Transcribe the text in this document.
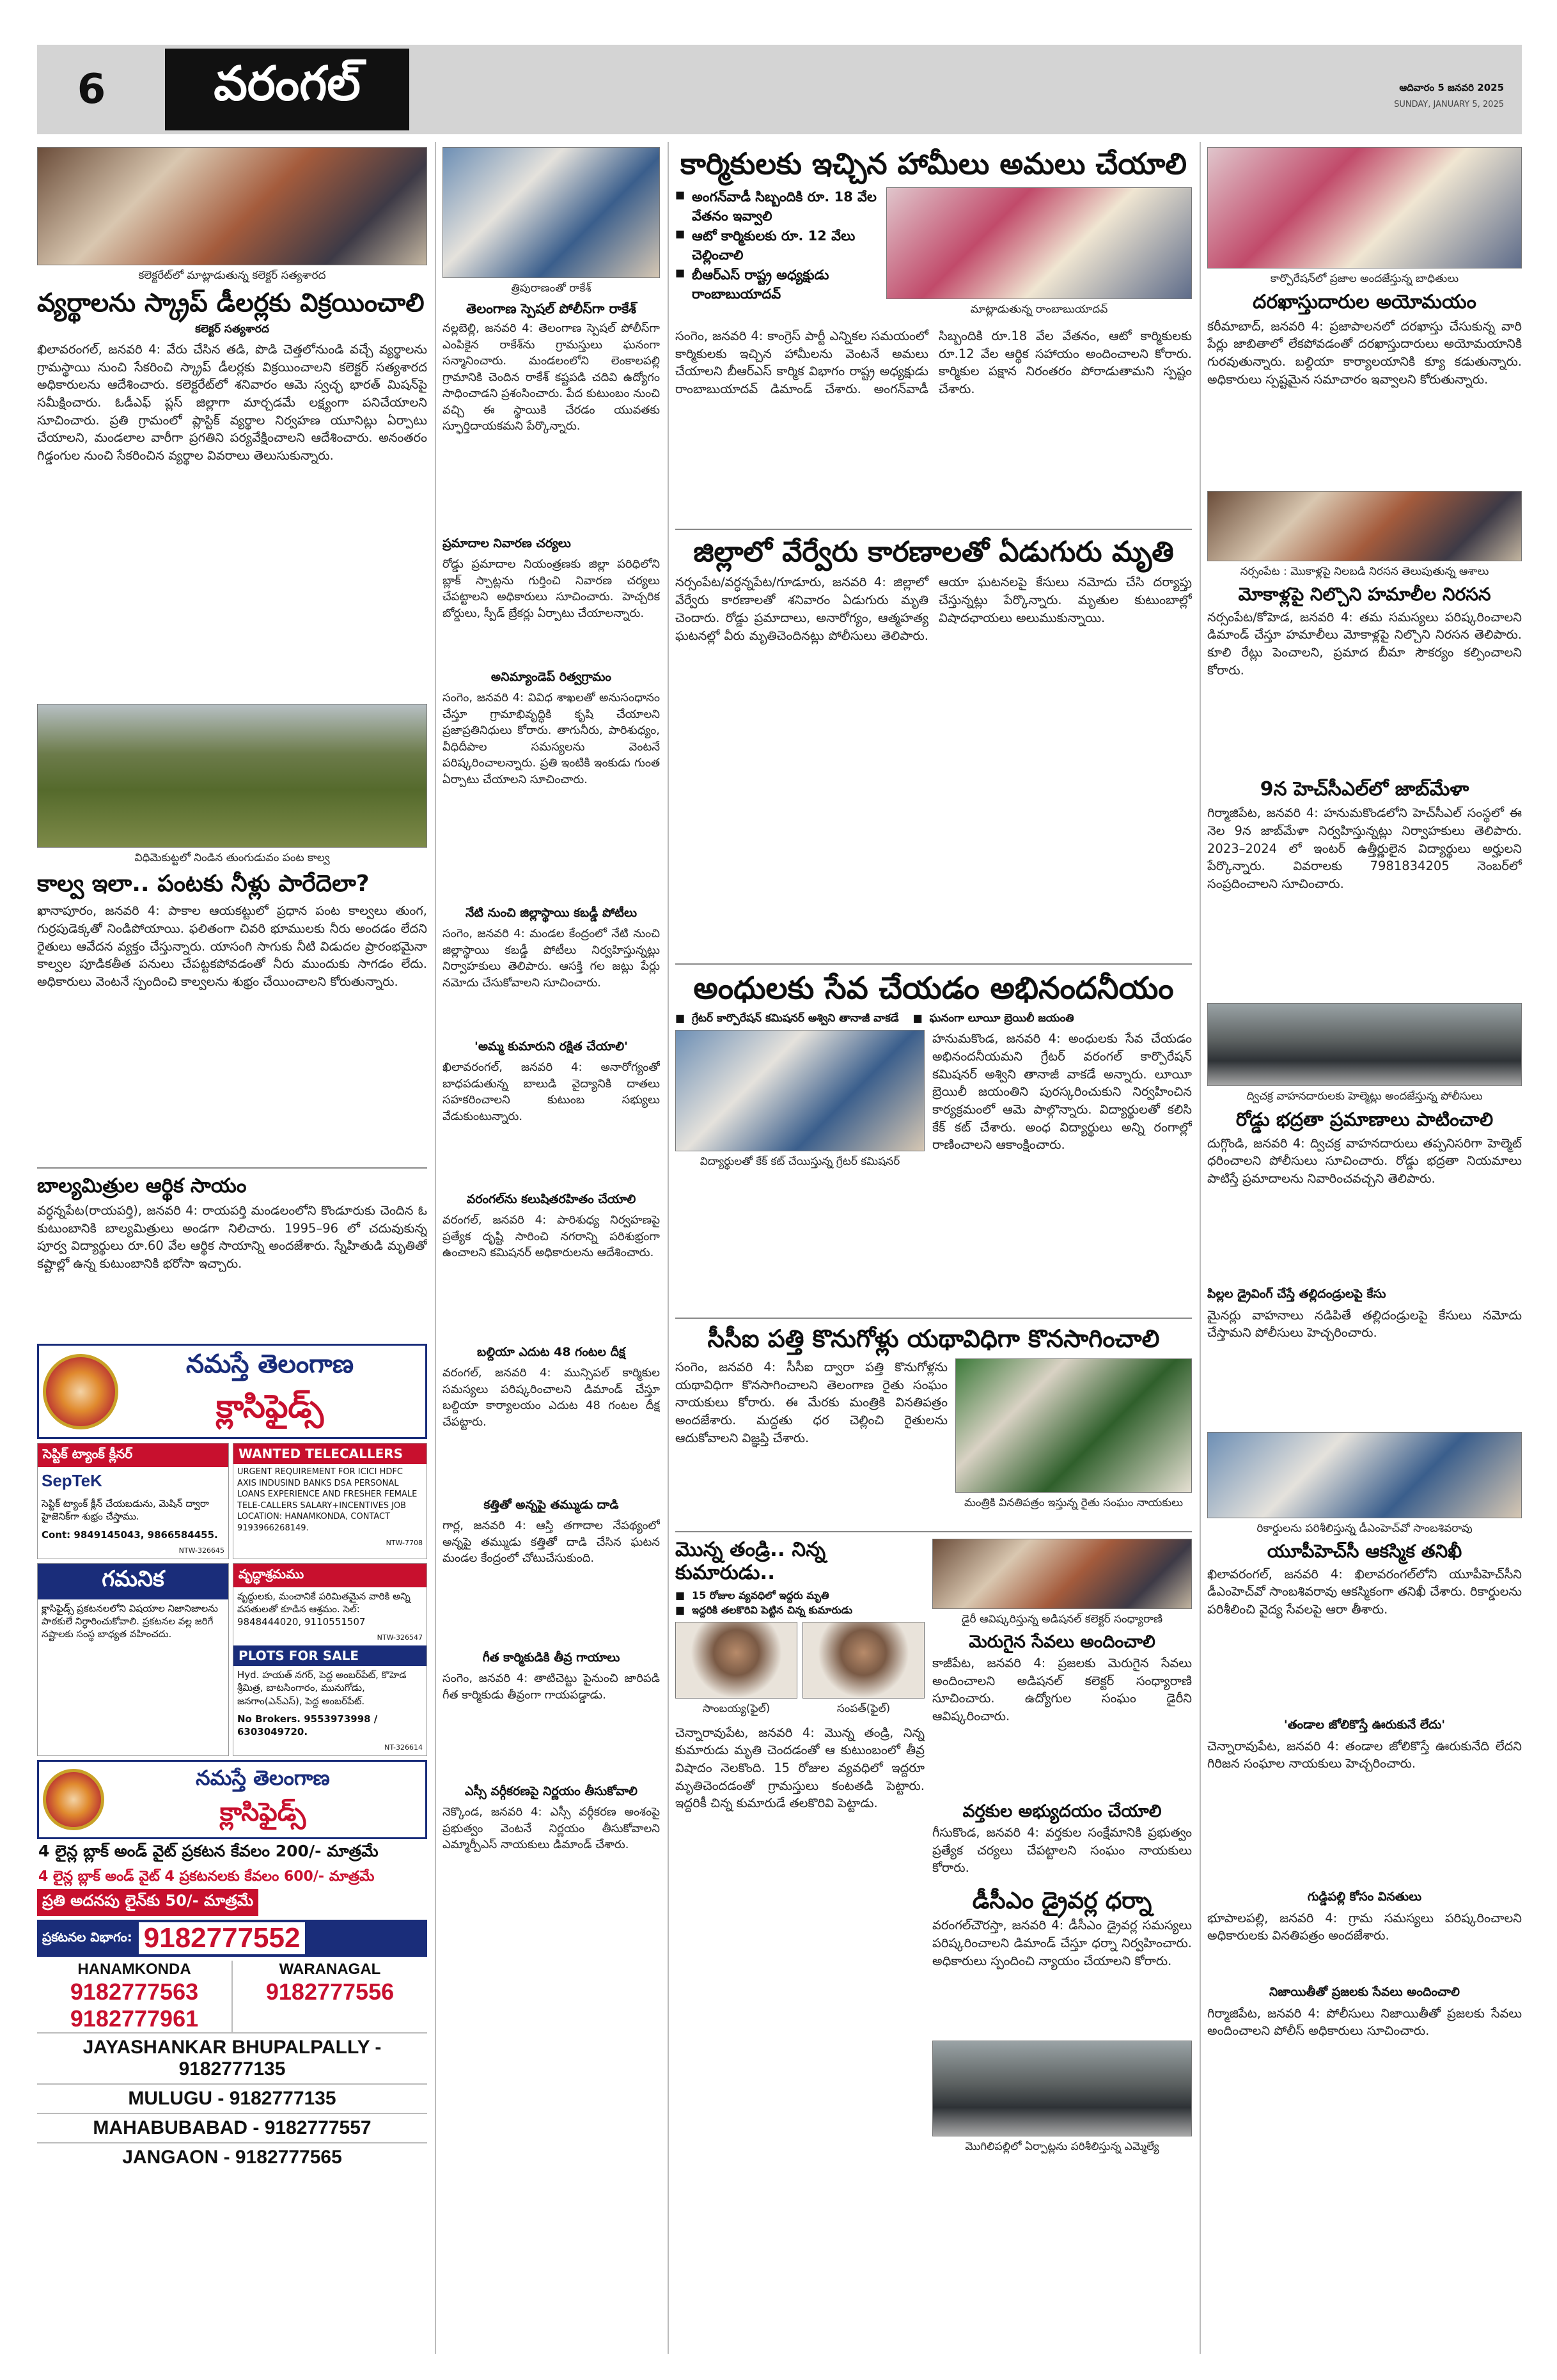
6	వరంగల్	ఆదివారం 5 జనవరి 2025
SUNDAY, JANUARY 5, 2025
కలెక్టరేట్‌లో మాట్లాడుతున్న కలెక్టర్ సత్యశారద
వ్యర్థాలను స్క్రాప్ డీలర్లకు విక్రయించాలి
కలెక్టర్ సత్యశారద
ఖిలావరంగల్, జనవరి 4: వేరు చేసిన తడి, పొడి చెత్తలో‌నుండి వచ్చే వ్యర్థాలను గ్రామస్థాయి నుంచి సేకరించి స్క్రాప్ డీలర్లకు విక్రయించాలని కలెక్టర్ సత్యశారద అధికారులను ఆదేశించారు. కలెక్టరేట్‌లో శనివారం ఆమె స్వచ్ఛ భారత్ మిషన్‌పై సమీక్షించారు. ఓడీఎఫ్ ప్లస్ జిల్లాగా మార్చడమే లక్ష్యంగా పనిచేయాలని సూచించారు. ప్రతి గ్రామంలో ప్లాస్టిక్ వ్యర్థాల నిర్వహణ యూనిట్లు ఏర్పాటు చేయాలని, మండలాల వారీగా ప్రగతిని పర్యవేక్షించాలని ఆదేశించారు. అనంతరం గిడ్డంగుల నుంచి సేకరించిన వ్యర్థాల వివరాలు తెలుసుకున్నారు.
విధిమెకుట్టలో నిండిన తుంగుడువం పంట కాల్వ
కాల్వ ఇలా.. పంటకు నీళ్లు పారేదెలా?
ఖానాపూరం, జనవరి 4: పాకాల ఆయకట్టులో ప్రధాన పంట కాల్వలు తుంగ, గుర్రపుడెక్కతో నిండిపోయాయి. ఫలితంగా చివరి భూములకు నీరు అందడం లేదని రైతులు ఆవేదన వ్యక్తం చేస్తున్నారు. యాసంగి సాగుకు నీటి విడుదల ప్రారంభమైనా కాల్వల పూడికతీత పనులు చేపట్టకపోవడంతో నీరు ముందుకు సాగడం లేదు. అధికారులు వెంటనే స్పందించి కాల్వలను శుభ్రం చేయించాలని కోరుతున్నారు.
బాల్యమిత్రుల ఆర్థిక సాయం
వర్ధన్నపేట(రాయపర్తి), జనవరి 4: రాయపర్తి మండలంలోని కొండూరుకు చెందిన ఓ కుటుంబానికి బాల్యమిత్రులు అండగా నిలిచారు. 1995–96 లో చదువుకున్న పూర్వ విద్యార్థులు రూ.60 వేల ఆర్థిక సాయాన్ని అందజేశారు. స్నేహితుడి మృతితో కష్టాల్లో ఉన్న కుటుంబానికి భరోసా ఇచ్చారు.
నమస్తే తెలంగాణ
క్లాసిఫైడ్స్
సెప్టిక్ ట్యాంక్ క్లీనర్
SepTeK
సెప్టిక్ ట్యాంక్ క్లీన్ చేయబడును, మెషిన్ ద్వారా హైజెనిక్‌గా శుభ్రం చేస్తాము.
Cont: 9849145043, 9866584455.
NTW-326645
WANTED TELECALLERS
URGENT REQUIREMENT FOR ICICI HDFC AXIS INDUSIND BANKS DSA PERSONAL LOANS EXPERIENCE AND FRESHER FEMALE TELE-CALLERS SALARY+INCENTIVES JOB LOCATION: HANAMKONDA, CONTACT 9193966268149.
NTW-7708
గమనిక
క్లాసిఫైడ్స్ ప్రకటనలలోని విషయాల నిజానిజాలను పాఠకులే నిర్ధారించుకోవాలి. ప్రకటనల వల్ల జరిగే నష్టాలకు సంస్థ బాధ్యత వహించదు.
వృద్ధాశ్రమము
వృద్ధులకు, మంచానికే పరిమితమైన వారికి అన్ని వసతులతో కూడిన ఆశ్రమం. సెల్: 9848444020, 9110551507
NTW-326547
PLOTS FOR SALE
Hyd. హయత్ నగర్, పెద్ద అంబర్‌పేట్, కొహెడ శ్రీమిత్ర, బాటసింగారం, మునుగోడు, జనగాం(ఎన్ఎస్), పెద్ద అంబర్‌పేట్.
No Brokers. 9553973998 / 6303049720.
NT-326614
నమస్తే తెలంగాణ
క్లాసిఫైడ్స్
4 లైన్ల బ్లాక్ అండ్ వైట్ ప్రకటన కేవలం 200/- మాత్రమే
4 లైన్ల బ్లాక్ అండ్ వైట్ 4 ప్రకటనలకు కేవలం 600/- మాత్రమే
ప్రతి అదనపు లైన్‌కు 50/- మాత్రమే
ప్రకటనల విభాగం: 9182777552
HANAMKONDA
9182777563
9182777961
WARANAGAL
9182777556
JAYASHANKAR BHUPALPALLY - 9182777135
MULUGU - 9182777135
MAHABUBABAD - 9182777557
JANGAON - 9182777565
త్రిపురాణంతో రాకేశ్
తెలంగాణ స్పెషల్ పోలీస్‌గా రాకేశ్
నల్లబెల్లి, జనవరి 4: తెలంగాణ స్పెషల్ పోలీస్‌గా ఎంపికైన రాకేశ్‌ను గ్రామస్తులు ఘనంగా సన్మానించారు. మండలంలోని లెంకాలపల్లి గ్రామానికి చెందిన రాకేశ్ కష్టపడి చదివి ఉద్యోగం సాధించాడని ప్రశంసించారు. పేద కుటుంబం నుంచి వచ్చి ఈ స్థాయికి చేరడం యువతకు స్ఫూర్తిదాయకమని పేర్కొన్నారు.
ప్రమాదాల నివారణ చర్యలు
రోడ్డు ప్రమాదాల నియంత్రణకు జిల్లా పరిధిలోని బ్లాక్ స్పాట్లను గుర్తించి నివారణ చర్యలు చేపట్టాలని అధికారులు సూచించారు. హెచ్చరిక బోర్డులు, స్పీడ్ బ్రేకర్లు ఏర్పాటు చేయాలన్నారు.
అనిమ్యాండెప్ రిత్వగ్రామం
సంగెం, జనవరి 4: వివిధ శాఖలతో అనుసంధానం చేస్తూ గ్రామాభివృద్ధికి కృషి చేయాలని ప్రజాప్రతినిధులు కోరారు. తాగునీరు, పారిశుధ్యం, వీధిదీపాల సమస్యలను వెంటనే పరిష్కరించాలన్నారు. ప్రతి ఇంటికి ఇంకుడు గుంత ఏర్పాటు చేయాలని సూచించారు.
నేటి నుంచి జిల్లాస్థాయి కబడ్డీ పోటీలు
సంగెం, జనవరి 4: మండల కేంద్రంలో నేటి నుంచి జిల్లాస్థాయి కబడ్డీ పోటీలు నిర్వహిస్తున్నట్లు నిర్వాహకులు తెలిపారు. ఆసక్తి గల జట్లు పేర్లు నమోదు చేసుకోవాలని సూచించారు.
'అమ్మ కుమారుని రక్షిత చేయాలి'
ఖిలావరంగల్, జనవరి 4: అనారోగ్యంతో బాధపడుతున్న బాలుడి వైద్యానికి దాతలు సహకరించాలని కుటుంబ సభ్యులు వేడుకుంటున్నారు.
వరంగల్‌ను కలుషితరహితం చేయాలి
వరంగల్, జనవరి 4: పారిశుధ్య నిర్వహణపై ప్రత్యేక దృష్టి సారించి నగరాన్ని పరిశుభ్రంగా ఉంచాలని కమిషనర్ అధికారులను ఆదేశించారు.
బల్దియా ఎదుట 48 గంటల దీక్ష
వరంగల్, జనవరి 4: మున్సిపల్ కార్మికుల సమస్యలు పరిష్కరించాలని డిమాండ్ చేస్తూ బల్దియా కార్యాలయం ఎదుట 48 గంటల దీక్ష చేపట్టారు.
కత్తితో అన్నపై తమ్ముడు దాడి
గార్ల, జనవరి 4: ఆస్తి తగాదాల నేపథ్యంలో అన్నపై తమ్ముడు కత్తితో దాడి చేసిన ఘటన మండల కేంద్రంలో చోటుచేసుకుంది.
గీత కార్మికుడికి తీవ్ర గాయాలు
సంగెం, జనవరి 4: తాటిచెట్టు పైనుంచి జారిపడి గీత కార్మికుడు తీవ్రంగా గాయపడ్డాడు.
ఎస్సీ వర్గీకరణపై నిర్ణయం తీసుకోవాలి
నెక్కొండ, జనవరి 4: ఎస్సీ వర్గీకరణ అంశంపై ప్రభుత్వం వెంటనే నిర్ణయం తీసుకోవాలని ఎమ్మార్పీఎస్ నాయకులు డిమాండ్ చేశారు.
కార్మికులకు ఇచ్చిన హామీలు అమలు చేయాలి
■ అంగన్‌వాడీ సిబ్బందికి రూ. 18 వేల వేతనం ఇవ్వాలి
■ ఆటో కార్మికులకు రూ. 12 వేలు చెల్లించాలి
■ బీఆర్ఎస్ రాష్ట్ర అధ్యక్షుడు రాంబాబుయాదవ్
మాట్లాడుతున్న రాంబాబుయాదవ్
సంగెం, జనవరి 4: కాంగ్రెస్ పార్టీ ఎన్నికల సమయంలో కార్మికులకు ఇచ్చిన హామీలను వెంటనే అమలు చేయాలని బీఆర్ఎస్ కార్మిక విభాగం రాష్ట్ర అధ్యక్షుడు రాంబాబుయాదవ్ డిమాండ్ చేశారు. అంగన్‌వాడీ సిబ్బందికి రూ.18 వేల వేతనం, ఆటో కార్మికులకు రూ.12 వేల ఆర్థిక సహాయం అందించాలని కోరారు. కార్మికుల పక్షాన నిరంతరం పోరాడుతామని స్పష్టం చేశారు.
జిల్లాలో వేర్వేరు కారణాలతో ఏడుగురు మృతి
నర్సంపేట/వర్ధన్నపేట/గూడూరు, జనవరి 4: జిల్లాలో వేర్వేరు కారణాలతో శనివారం ఏడుగురు మృతి చెందారు. రోడ్డు ప్రమాదాలు, అనారోగ్యం, ఆత్మహత్య ఘటనల్లో వీరు మృతిచెందినట్లు పోలీసులు తెలిపారు. ఆయా ఘటనలపై కేసులు నమోదు చేసి దర్యాప్తు చేస్తున్నట్లు పేర్కొన్నారు. మృతుల కుటుంబాల్లో విషాదఛాయలు అలుముకున్నాయి.
అంధులకు సేవ చేయడం అభినందనీయం
■ గ్రేటర్ కార్పొరేషన్ కమిషనర్ అశ్విని తానాజీ వాకడే
■	ఘనంగా లూయీ బ్రెయిలీ జయంతి
విద్యార్థులతో కేక్ కట్ చేయిస్తున్న గ్రేటర్ కమిషనర్
హనుమకొండ, జనవరి 4: అంధులకు సేవ చేయడం అభినందనీయమని గ్రేటర్ వరంగల్ కార్పొరేషన్ కమిషనర్ అశ్విని తానాజీ వాకడే అన్నారు. లూయీ బ్రెయిలీ జయంతిని పురస్కరించుకుని నిర్వహించిన కార్యక్రమంలో ఆమె పాల్గొన్నారు. విద్యార్థులతో కలిసి కేక్ కట్ చేశారు. అంధ విద్యార్థులు అన్ని రంగాల్లో రాణించాలని ఆకాంక్షించారు.
సీసీఐ పత్తి కొనుగోళ్లు యథావిధిగా కొనసాగించాలి
సంగెం, జనవరి 4: సీసీఐ ద్వారా పత్తి కొనుగోళ్లను యథావిధిగా కొనసాగించాలని తెలంగాణ రైతు సంఘం నాయకులు కోరారు. ఈ మేరకు మంత్రికి వినతిపత్రం అందజేశారు. మద్దతు ధర చెల్లించి రైతులను ఆదుకోవాలని విజ్ఞప్తి చేశారు.
మంత్రికి వినతిపత్రం ఇస్తున్న రైతు సంఘం నాయకులు
మొన్న తండ్రి.. నిన్న కుమారుడు..
■ 15 రోజుల వ్యవధిలో ఇద్దరు మృతి
■ ఇద్దరికి తలకొరివి పెట్టిన చిన్న కుమారుడు
సాంబయ్య(ఫైల్)	సంపత్(ఫైల్)
చెన్నారావుపేట, జనవరి 4: మొన్న తండ్రి, నిన్న కుమారుడు మృతి చెందడంతో ఆ కుటుంబంలో తీవ్ర విషాదం నెలకొంది. 15 రోజుల వ్యవధిలో ఇద్దరూ మృతిచెందడంతో గ్రామస్తులు కంటతడి పెట్టారు. ఇద్దరికీ చిన్న కుమారుడే తలకొరివి పెట్టాడు.
డైరీ ఆవిష్కరిస్తున్న అడిషనల్ కలెక్టర్ సంధ్యారాణి
మెరుగైన సేవలు అందించాలి
కాజీపేట, జనవరి 4: ప్రజలకు మెరుగైన సేవలు అందించాలని అడిషనల్ కలెక్టర్ సంధ్యారాణి సూచించారు. ఉద్యోగుల సంఘం డైరీని ఆవిష్కరించారు.
వర్తకుల అభ్యుదయం చేయాలి
గీసుకొండ, జనవరి 4: వర్తకుల సంక్షేమానికి ప్రభుత్వం ప్రత్యేక చర్యలు చేపట్టాలని సంఘం నాయకులు కోరారు.
డీసీఎం డ్రైవర్ల ధర్నా
వరంగల్‌చౌరస్తా, జనవరి 4: డీసీఎం డ్రైవర్ల సమస్యలు పరిష్కరించాలని డిమాండ్ చేస్తూ ధర్నా నిర్వహించారు. అధికారులు స్పందించి న్యాయం చేయాలని కోరారు.
మొగిలిపల్లిలో ఏర్పాట్లను పరిశీలిస్తున్న ఎమ్మెల్యే
కార్పొరేషన్‌లో ప్రజాల అందజేస్తున్న బాధితులు
దరఖాస్తుదారుల అయోమయం
కరీమాబాద్, జనవరి 4: ప్రజాపాలనలో దరఖాస్తు చేసుకున్న వారి పేర్లు జాబితాలో లేకపోవడంతో దరఖాస్తుదారులు అయోమయానికి గురవుతున్నారు. బల్దియా కార్యాలయానికి క్యూ కడుతున్నారు. అధికారులు స్పష్టమైన సమాచారం ఇవ్వాలని కోరుతున్నారు.
నర్సంపేట : మొకాళ్లపై నిలబడి నిరసన తెలుపుతున్న ఆశాలు
మోకాళ్లపై నిల్చొని హమాలీల నిరసన
నర్సంపేట/కోహెడ, జనవరి 4: తమ సమస్యలు పరిష్కరించాలని డిమాండ్ చేస్తూ హమాలీలు మోకాళ్లపై నిల్చొని నిరసన తెలిపారు. కూలి రేట్లు పెంచాలని, ప్రమాద బీమా సౌకర్యం కల్పించాలని కోరారు.
9న హెచ్‌సీఎల్‌లో జాబ్‌మేళా
గిర్మాజిపేట, జనవరి 4: హనుమకొండలోని హెచ్‌సీఎల్ సంస్థలో ఈ నెల 9న జాబ్‌మేళా నిర్వహిస్తున్నట్లు నిర్వాహకులు తెలిపారు. 2023–2024 లో ఇంటర్ ఉత్తీర్ణులైన విద్యార్థులు అర్హులని పేర్కొన్నారు. వివరాలకు 7981834205 నెంబర్‌లో సంప్రదించాలని సూచించారు.
ద్విచక్ర వాహనదారులకు హెల్మెట్లు అందజేస్తున్న పోలీసులు
రోడ్డు భద్రతా ప్రమాణాలు పాటించాలి
దుగ్గొండి, జనవరి 4: ద్విచక్ర వాహనదారులు తప్పనిసరిగా హెల్మెట్ ధరించాలని పోలీసులు సూచించారు. రోడ్డు భద్రతా నియమాలు పాటిస్తే ప్రమాదాలను నివారించవచ్చని తెలిపారు.
పిల్లల డ్రైవింగ్ చేస్తే తల్లిదండ్రులపై కేసు
మైనర్లు వాహనాలు నడిపితే తల్లిదండ్రులపై కేసులు నమోదు చేస్తామని పోలీసులు హెచ్చరించారు.
రికార్డులను పరిశీలిస్తున్న డీఎంహెచ్‌వో సాంబశివరావు
యూపీహెచ్‌సీ ఆకస్మిక తనిఖీ
ఖిలావరంగల్, జనవరి 4: ఖిలావరంగల్‌లోని యూపీహెచ్‌సీని డీఎంహెచ్‌వో సాంబశివరావు ఆకస్మికంగా తనిఖీ చేశారు. రికార్డులను పరిశీలించి వైద్య సేవలపై ఆరా తీశారు.
'తండాల జోలికొస్తే ఊరుకునే లేదు'
చెన్నారావుపేట, జనవరి 4: తండాల జోలికొస్తే ఊరుకునేది లేదని గిరిజన సంఘాల నాయకులు హెచ్చరించారు.
గుడ్డిపల్లి కోసం వినతులు
భూపాలపల్లి, జనవరి 4: గ్రామ సమస్యలు పరిష్కరించాలని అధికారులకు వినతిపత్రం అందజేశారు.
నిజాయితీతో ప్రజలకు సేవలు అందించాలి
గిర్మాజిపేట, జనవరి 4: పోలీసులు నిజాయితీతో ప్రజలకు సేవలు అందించాలని పోలీస్ అధికారులు సూచించారు.
